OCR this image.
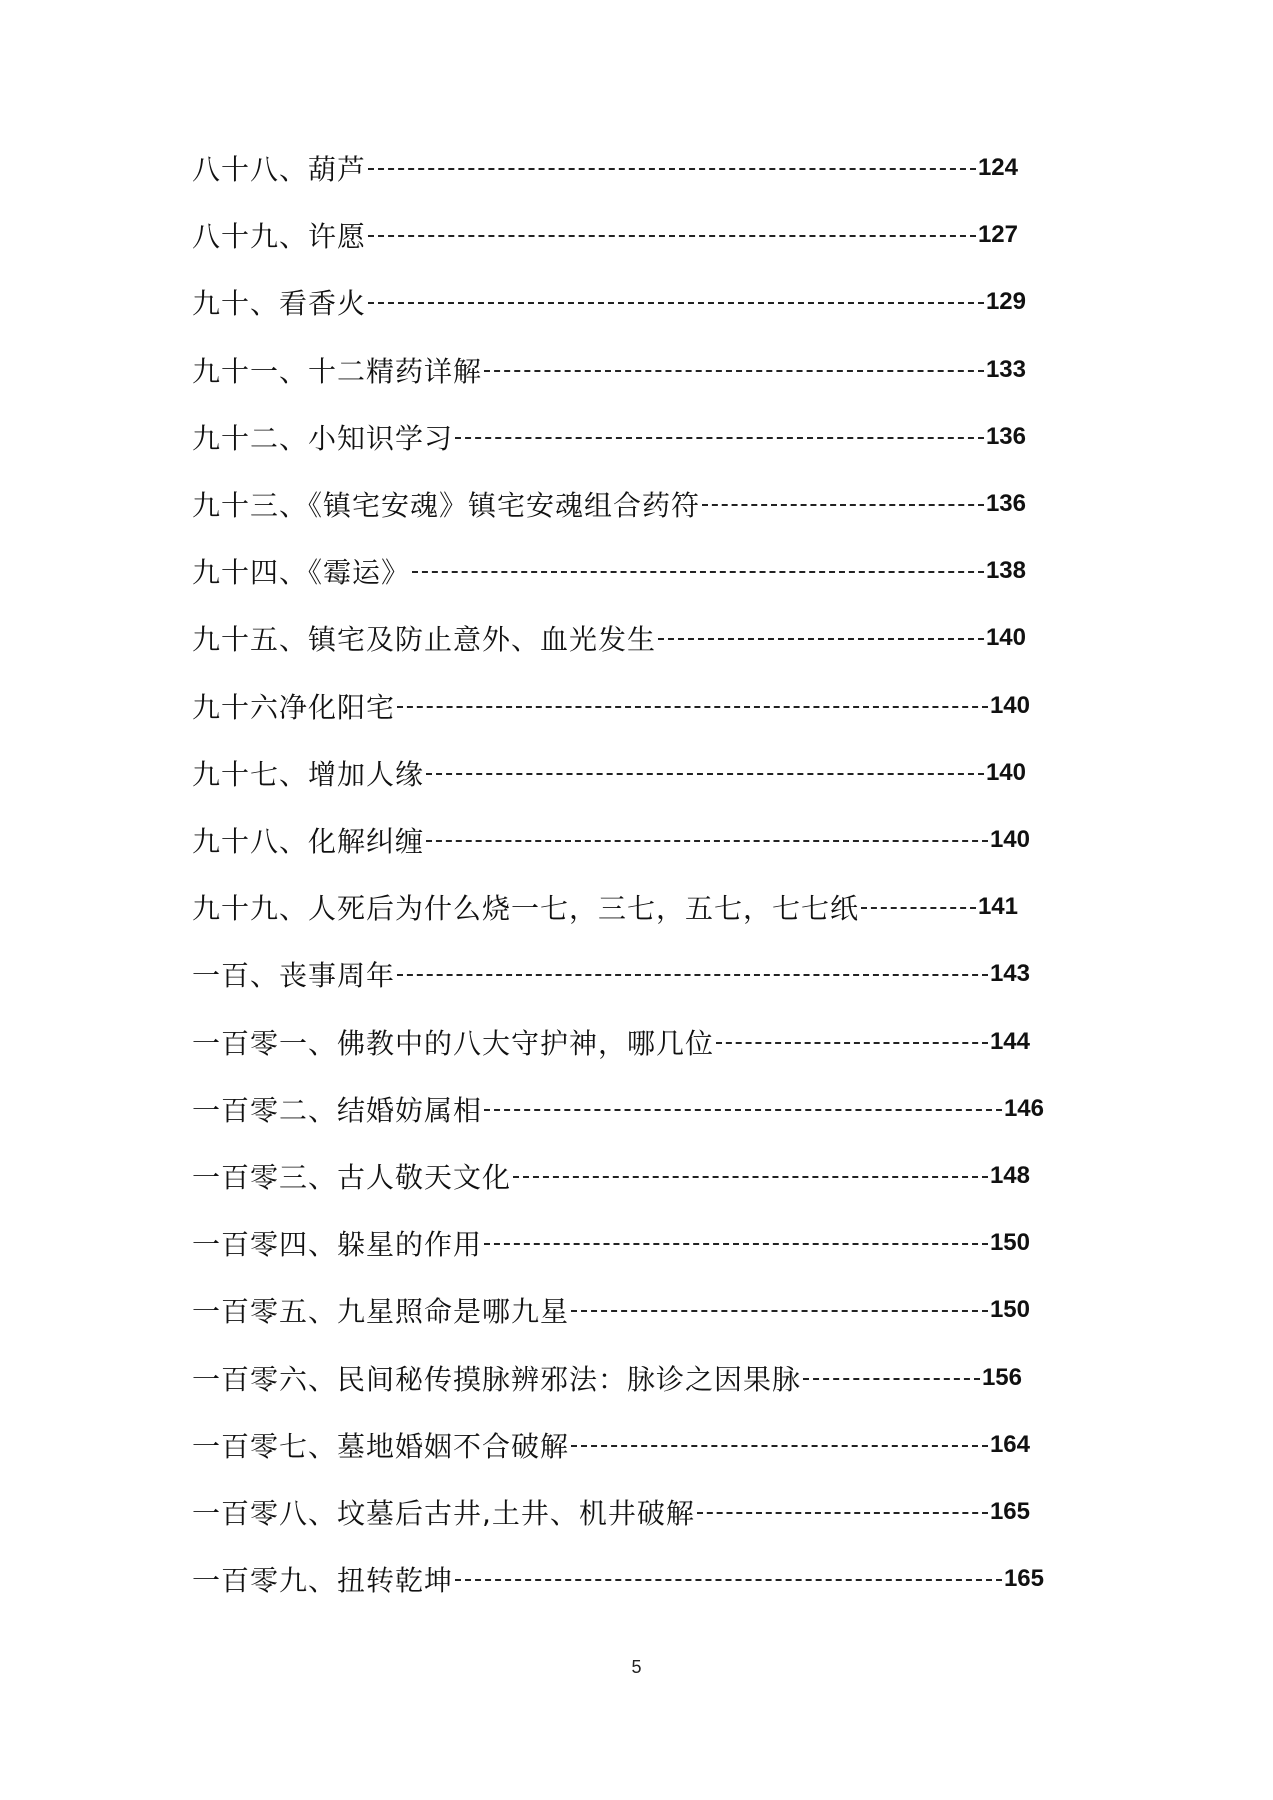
八十八、葫芦	124
八十九、许愿	127
九十、看香火	129
九十一、十二精药详解	133
九十二、小知识学习	136
九十三、《镇宅安魂》镇宅安魂组合药符	136
九十四、《霉运》	138
九十五、镇宅及防止意外、血光发生	140
九十六净化阳宅	140
九十七、增加人缘	140
九十八、化解纠缠	140
九十九、人死后为什么烧一七，三七，五七，七七纸	141
一百、丧事周年	143
一百零一、佛教中的八大守护神，哪几位	144
一百零二、结婚妨属相	146
一百零三、古人敬天文化	148
一百零四、躲星的作用	150
一百零五、九星照命是哪九星	150
一百零六、民间秘传摸脉辨邪法：脉诊之因果脉	156
一百零七、墓地婚姻不合破解	164
一百零八、坟墓后古井,土井、机井破解	165
一百零九、扭转乾坤	165
5
